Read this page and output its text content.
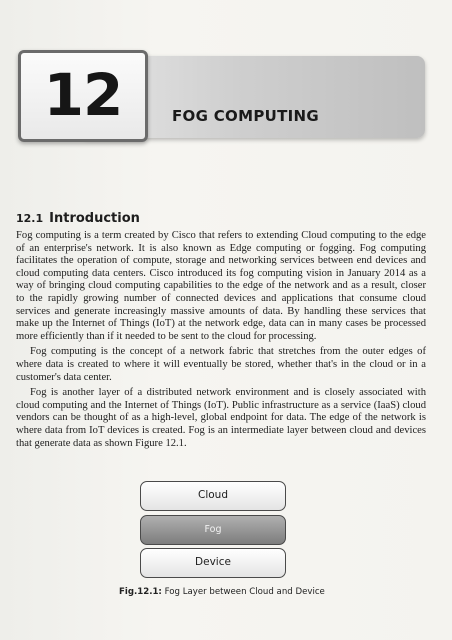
12	FOG COMPUTING
12.1 Introduction

Fog computing is a term created by Cisco that refers to extending Cloud computing to the edge of an enterprise's network. It is also known as Edge computing or fogging. Fog computing facilitates the operation of compute, storage and networking services between end devices and cloud computing data centers. Cisco introduced its fog computing vision in January 2014 as a way of bringing cloud computing capabilities to the edge of the network and as a result, closer to the rapidly growing number of connected devices and applications that consume cloud services and generate increasingly massive amounts of data. By handling these services that make up the Internet of Things (IoT) at the network edge, data can in many cases be processed more efficiently than if it needed to be sent to the cloud for processing.

Fog computing is the concept of a network fabric that stretches from the outer edges of where data is created to where it will eventually be stored, whether that's in the cloud or in a customer's data center.

Fog is another layer of a distributed network environment and is closely associated with cloud computing and the Internet of Things (IoT). Public infrastructure as a service (IaaS) cloud vendors can be thought of as a high-level, global endpoint for data. The edge of the network is where data from IoT devices is created. Fog is an intermediate layer between cloud and devices that generate data as shown Figure 12.1.

Cloud
Fog
Device
Fig.12.1: Fog Layer between Cloud and Device
